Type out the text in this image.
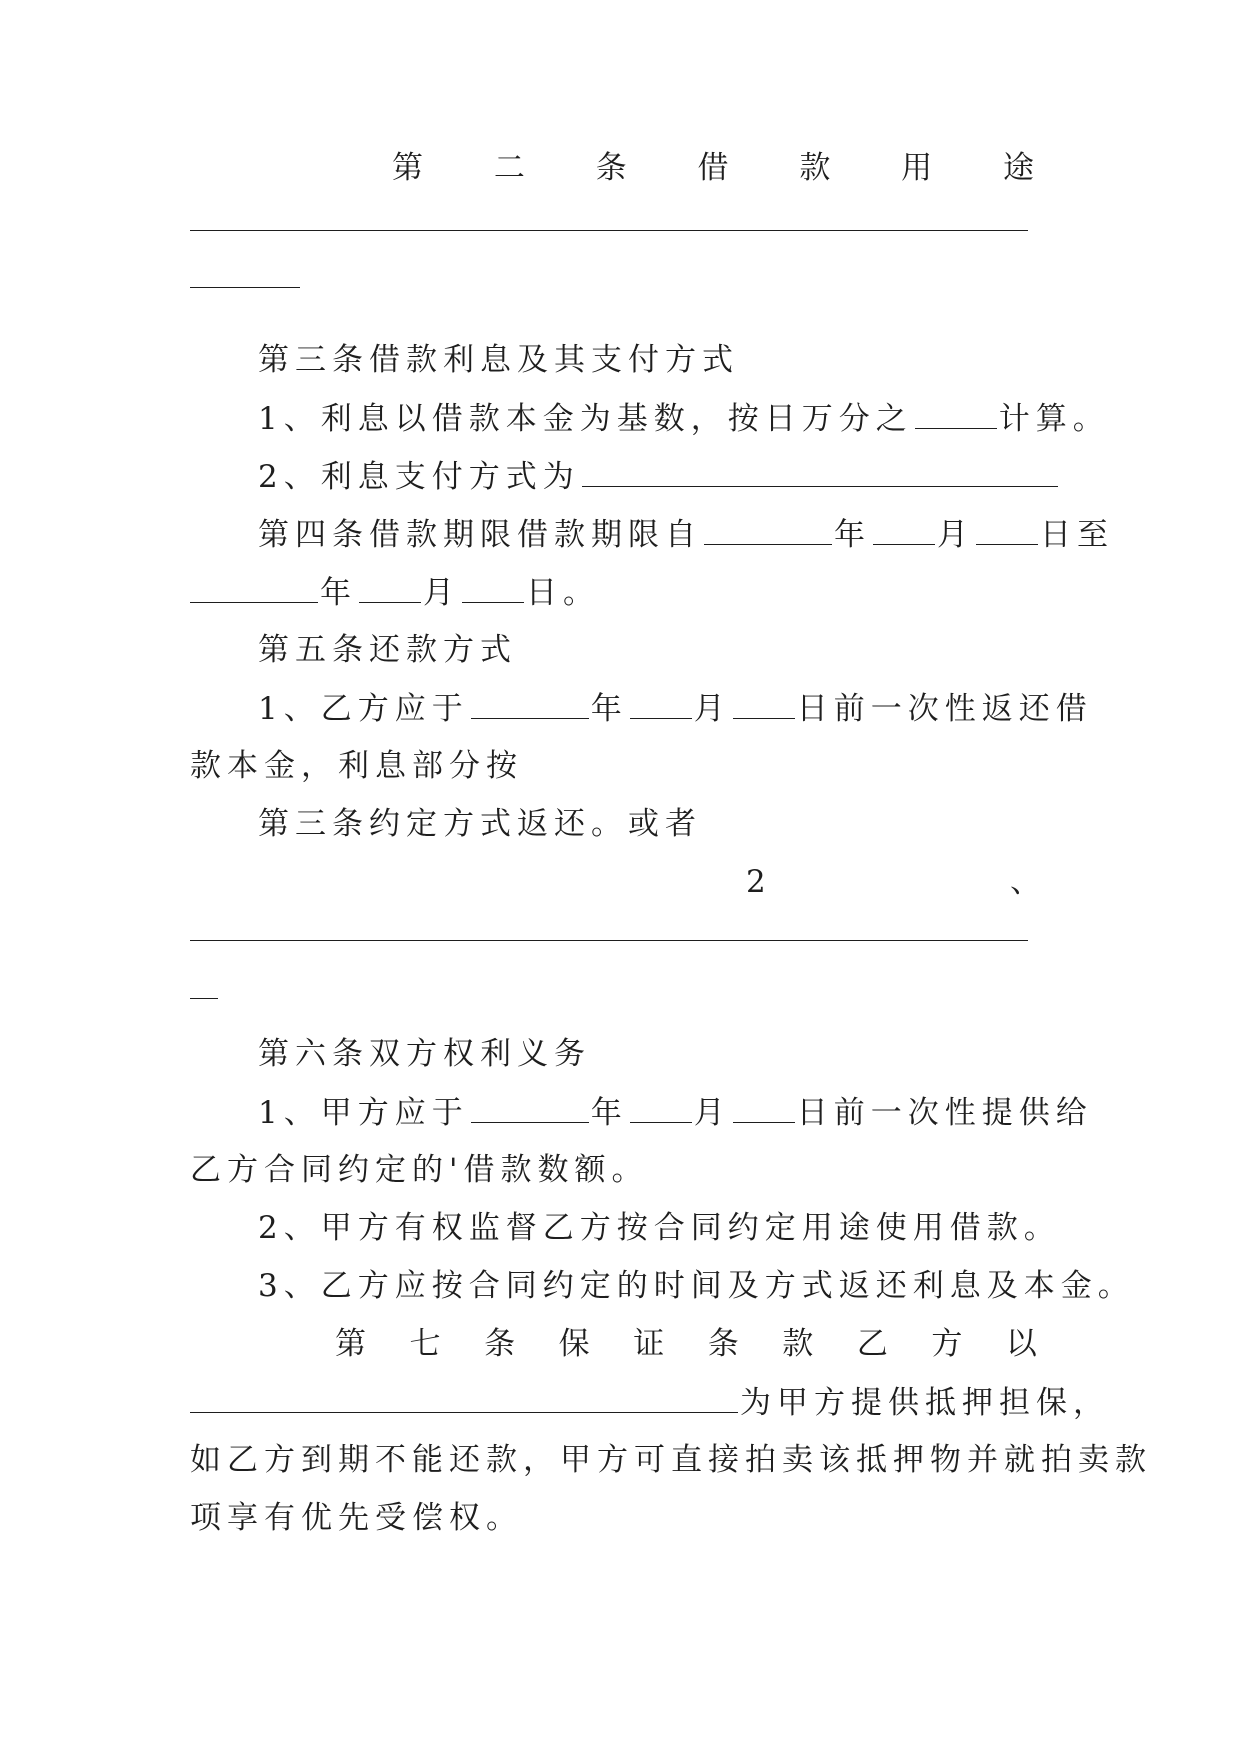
第 二 条 借 款 用 途
第三条借款利息及其支付方式
1、利息以借款本金为基数，按日万分之	计算。
2、利息支付方式为
第四条借款期限借款期限自	年 月 日至
年 月 日。
第五条还款方式
1、乙方应于	年 月 日前一次性返还借
款本金，利息部分按
第三条约定方式返还。或者
2	、
第六条双方权利义务
1、甲方应于	年 月 日前一次性提供给
乙方合同约定的'借款数额。
2、甲方有权监督乙方按合同约定用途使用借款。
3、乙方应按合同约定的时间及方式返还利息及本金。
第 七 条 保 证 条 款 乙 方 以
为甲方提供抵押担保，
如乙方到期不能还款，甲方可直接拍卖该抵押物并就拍卖款
项享有优先受偿权。
